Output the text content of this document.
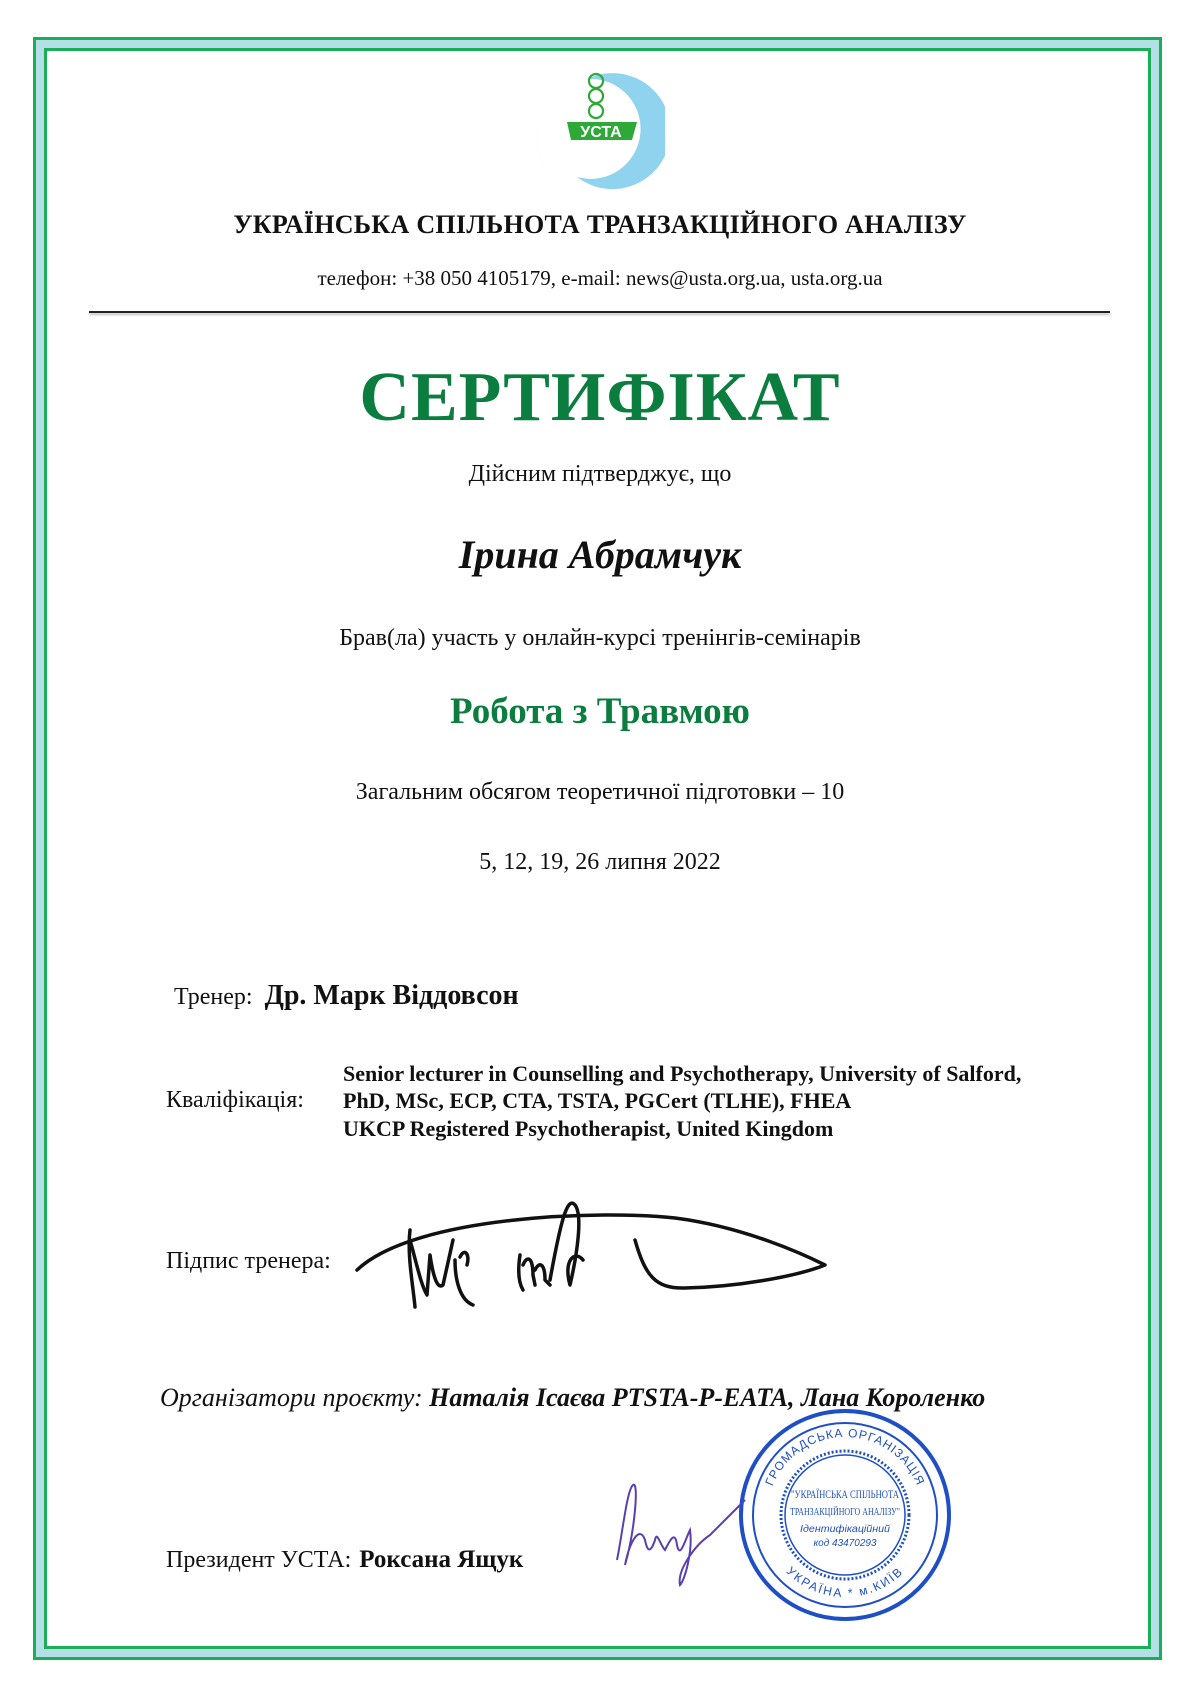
УСТА
УКРАЇНСЬКА СПІЛЬНОТА ТРАНЗАКЦІЙНОГО АНАЛІЗУ
телефон: +38 050 4105179, e-mail: news@usta.org.ua, usta.org.ua
СЕРТИФІКАТ
Дійсним підтверджує, що
Ірина Абрамчук
Брав(ла) участь у онлайн-курсі тренінгів-семінарів
Робота з Травмою
Загальним обсягом теоретичної підготовки – 10
5, 12, 19, 26 липня 2022
Тренер: Др. Марк Віддовсон
Кваліфікація:
Senior lecturer in Counselling and Psychotherapy, University of Salford,
PhD, MSc, ECP, CTA, TSTA, PGCert (TLHE), FHEA
UKCP Registered Psychotherapist, United Kingdom
Підпис тренера:
Організатори проєкту: Наталія Ісаєва PTSTA-P-EATA, Лана Короленко
Президент УСТА: Роксана Ящук
ГРОМАДСЬКА ОРГАНІЗАЦІЯ
УКРАЇНА * м.КИЇВ
"УКРАЇНСЬКА СПІЛЬНОТА
ТРАНЗАКЦІЙНОГО АНАЛІЗУ"
Ідентифікаційний
код 43470293
